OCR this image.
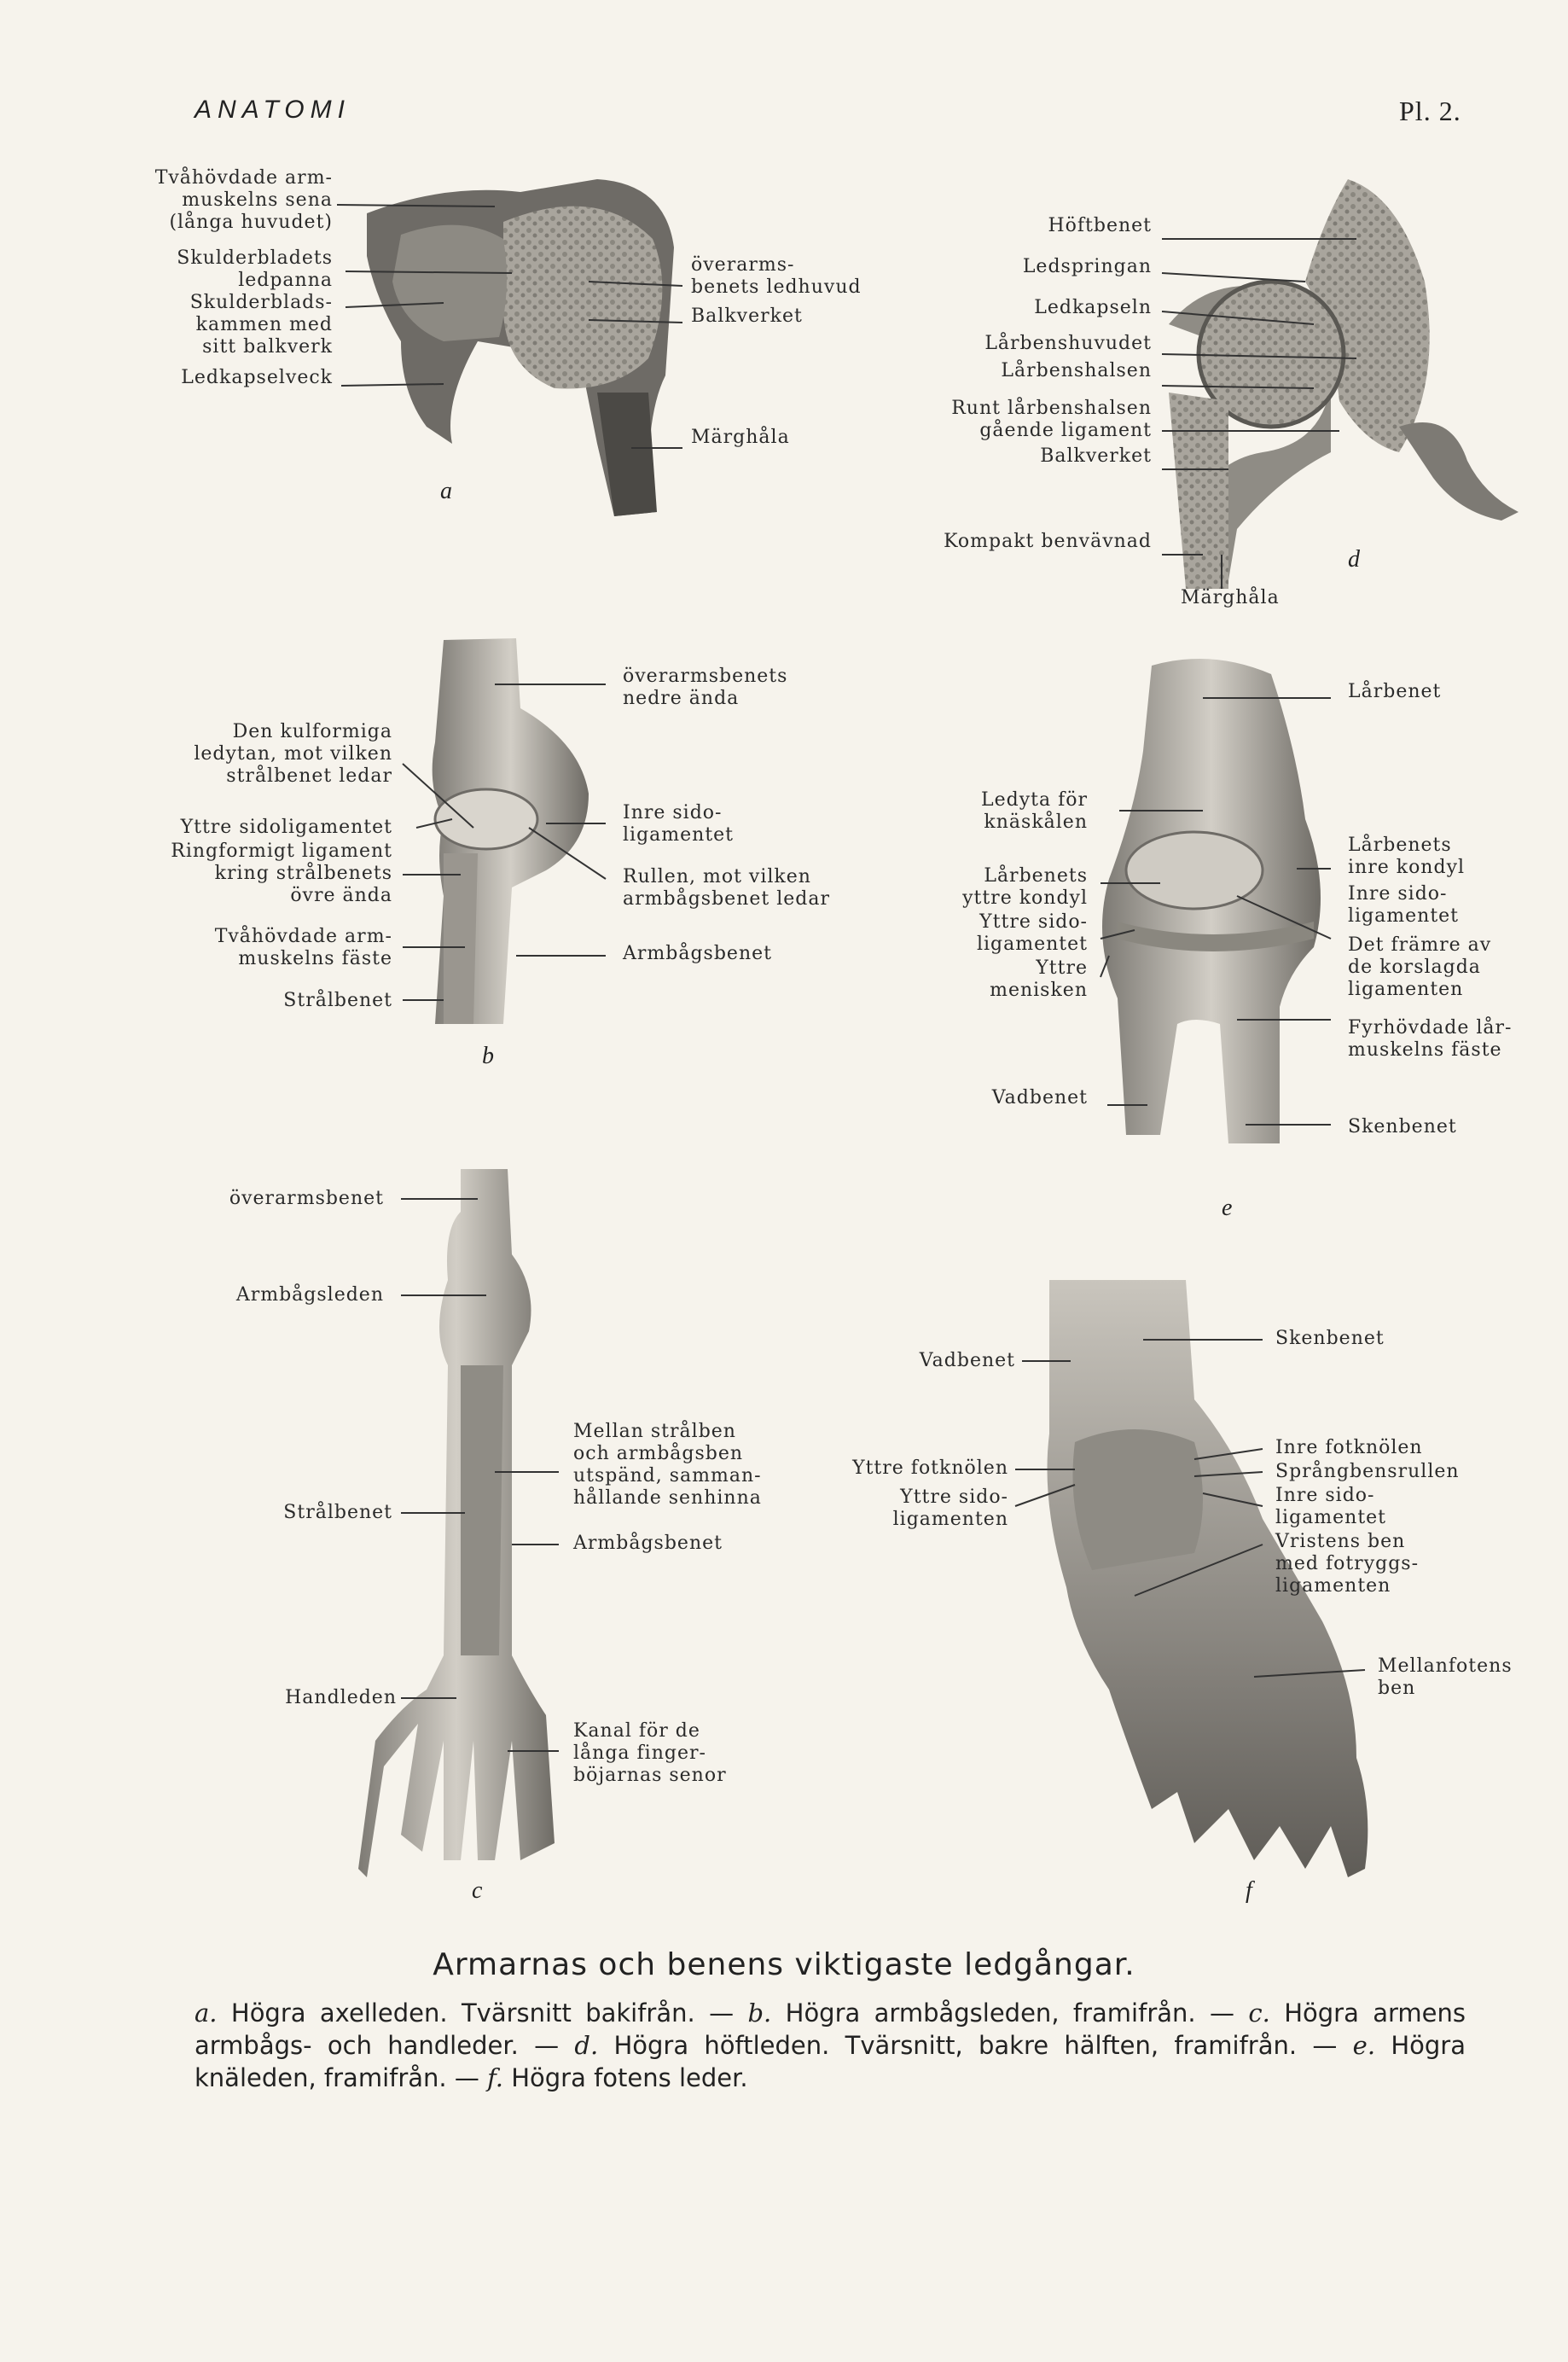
ANATOMI	Pl. 2.
Tvåhövdade arm-
muskelns sena
(långa huvudet)
Skulderbladets
ledpanna
Skulderblads-
kammen med
sitt balkverk
Ledkapselveck
överarms-
benets ledhuvud
Balkverket
Märghåla
a
Höftbenet
Ledspringan
Ledkapseln
Lårbenshuvudet
Lårbenshalsen
Runt lårbenshalsen
gående ligament
Balkverket
Kompakt benvävnad
Märghåla
d
Den kulformiga
ledytan, mot vilken
strålbenet ledar
Yttre sidoligamentet
Ringformigt ligament
kring strålbenets
övre ända
Tvåhövdade arm-
muskelns fäste
Strålbenet
överarmsbenets
nedre ända
Inre sido-
ligamentet
Rullen, mot vilken
armbågsbenet ledar
Armbågsbenet
b
Ledyta för
knäskålen
Lårbenets
yttre kondyl
Yttre sido-
ligamentet
Yttre
menisken
Vadbenet
Lårbenet
Lårbenets
inre kondyl
Inre sido-
ligamentet
Det främre av
de korslagda
ligamenten
Fyrhövdade lår-
muskelns fäste
Skenbenet
e
överarmsbenet
Armbågsleden
Strålbenet
Handleden
Mellan strålben
och armbågsben
utspänd, samman-
hållande senhinna
Armbågsbenet
Kanal för de
långa finger-
böjarnas senor
c
Vadbenet
Yttre fotknölen
Yttre sido-
ligamenten
Skenbenet
Inre fotknölen
Språngbensrullen
Inre sido-
ligamentet
Vristens ben
med fotryggs-
ligamenten
Mellanfotens
ben
f
Armarnas och benens viktigaste ledgångar.
a. Högra axelleden. Tvärsnitt bakifrån. — b. Högra armbågsleden, framifrån. — c. Högra armens armbågs- och handleder. — d. Högra höftleden. Tvärsnitt, bakre hälften, framifrån. — e. Högra knäleden, framifrån. — f. Högra fotens leder.
